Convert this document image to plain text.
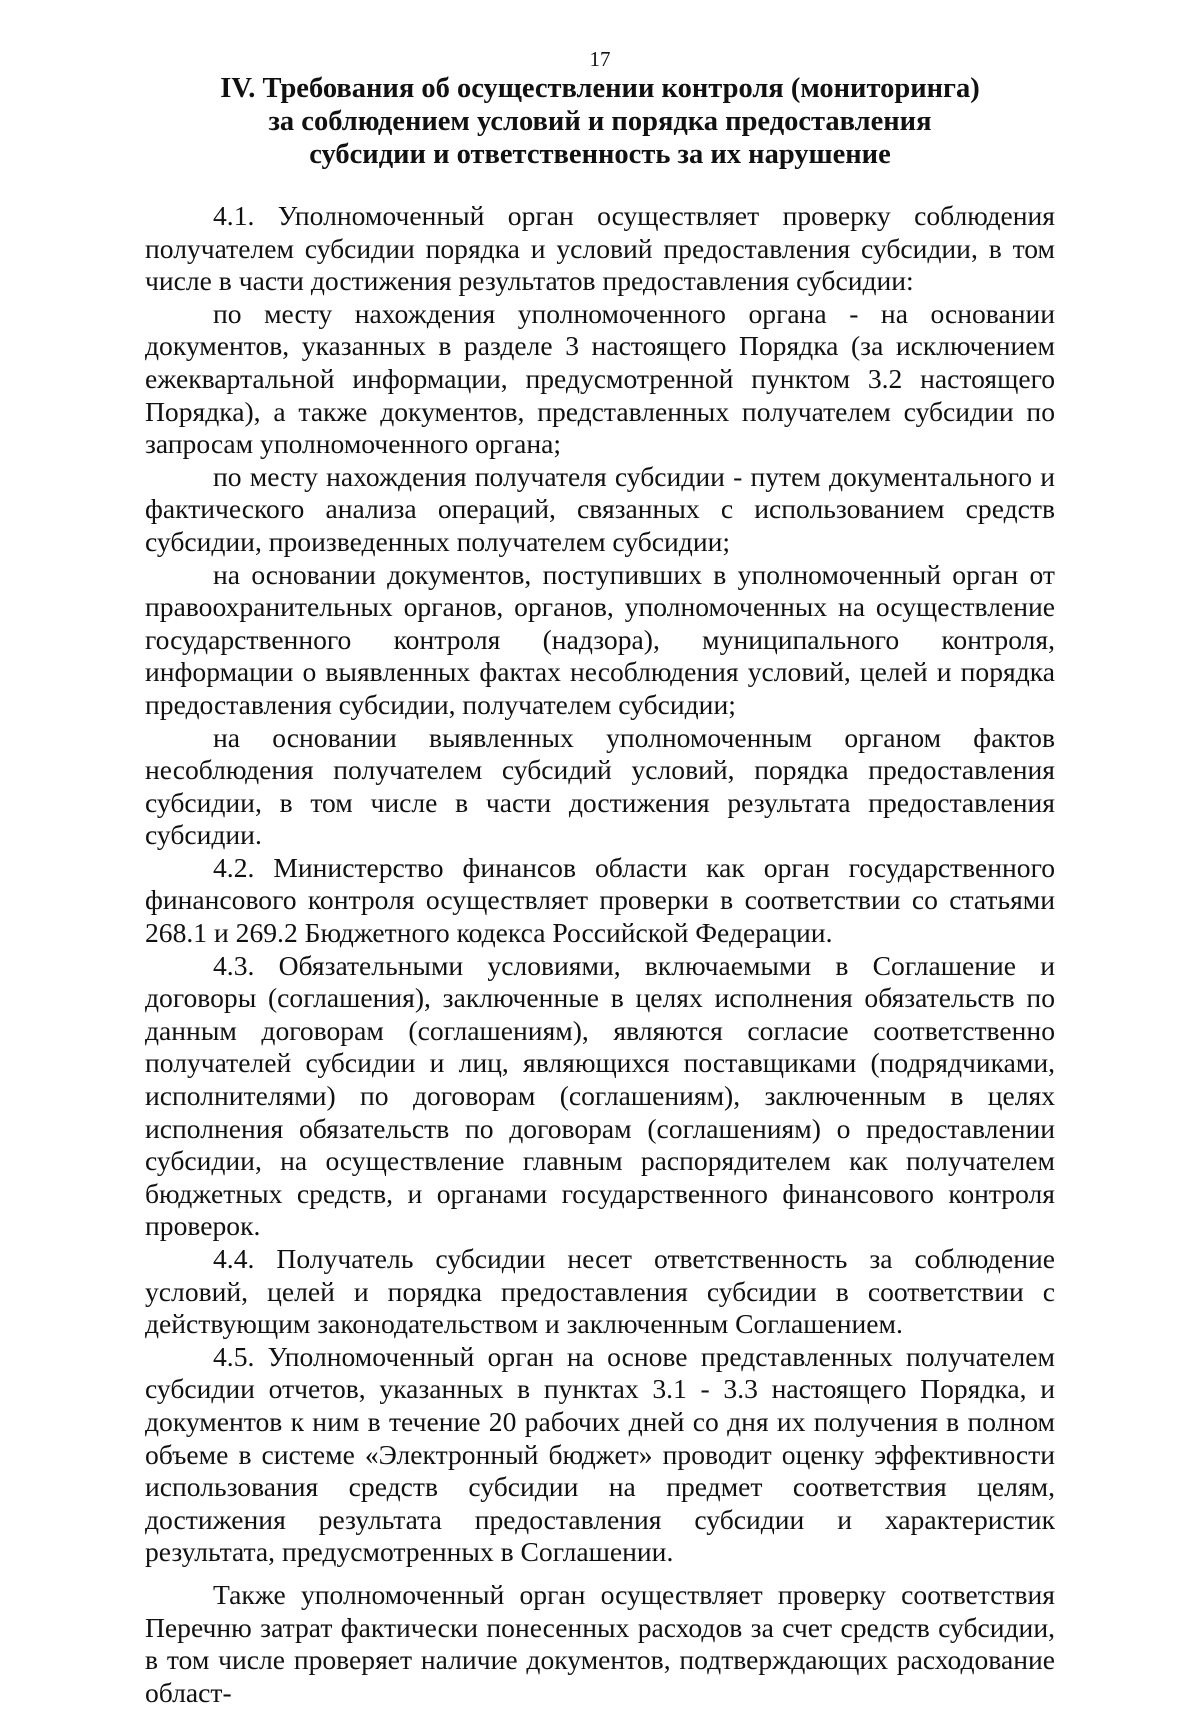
17
IV. Требования об осуществлении контроля (мониторинга)
за соблюдением условий и порядка предоставления
субсидии и ответственность за их нарушение

4.1. Уполномоченный орган осуществляет проверку соблюдения получателем субсидии порядка и условий предоставления субсидии, в том числе в части достижения результатов предоставления субсидии:

по месту нахождения уполномоченного органа - на основании документов, указанных в разделе 3 настоящего Порядка (за исключением ежеквартальной информации, предусмотренной пунктом 3.2 настоящего Порядка), а также документов, представленных получателем субсидии по запросам уполномоченного органа;

по месту нахождения получателя субсидии - путем документального и фактического анализа операций, связанных с использованием средств субсидии, произведенных получателем субсидии;

на основании документов, поступивших в уполномоченный орган от правоохранительных органов, органов, уполномоченных на осуществление государственного контроля (надзора), муниципального контроля, информации о выявленных фактах несоблюдения условий, целей и порядка предоставления субсидии, получателем субсидии;

на основании выявленных уполномоченным органом фактов несоблюдения получателем субсидий условий, порядка предоставления субсидии, в том числе в части достижения результата предоставления субсидии.

4.2. Министерство финансов области как орган государственного финансового контроля осуществляет проверки в соответствии со статьями 268.1 и 269.2 Бюджетного кодекса Российской Федерации.

4.3. Обязательными условиями, включаемыми в Соглашение и договоры (соглашения), заключенные в целях исполнения обязательств по данным договорам (соглашениям), являются согласие соответственно получателей субсидии и лиц, являющихся поставщиками (подрядчиками, исполнителями) по договорам (соглашениям), заключенным в целях исполнения обязательств по договорам (соглашениям) о предоставлении субсидии, на осуществление главным распорядителем как получателем бюджетных средств, и органами государственного финансового контроля проверок.

4.4. Получатель субсидии несет ответственность за соблюдение условий, целей и порядка предоставления субсидии в соответствии с действующим законодательством и заключенным Соглашением.

4.5. Уполномоченный орган на основе представленных получателем субсидии отчетов, указанных в пунктах 3.1 - 3.3 настоящего Порядка, и документов к ним в течение 20 рабочих дней со дня их получения в полном объеме в системе «Электронный бюджет» проводит оценку эффективности использования средств субсидии на предмет соответствия целям, достижения результата предоставления субсидии и характеристик результата, предусмотренных в Соглашении.

Также уполномоченный орган осуществляет проверку соответствия Перечню затрат фактически понесенных расходов за счет средств субсидии, в том числе проверяет наличие документов, подтверждающих расходование област-
